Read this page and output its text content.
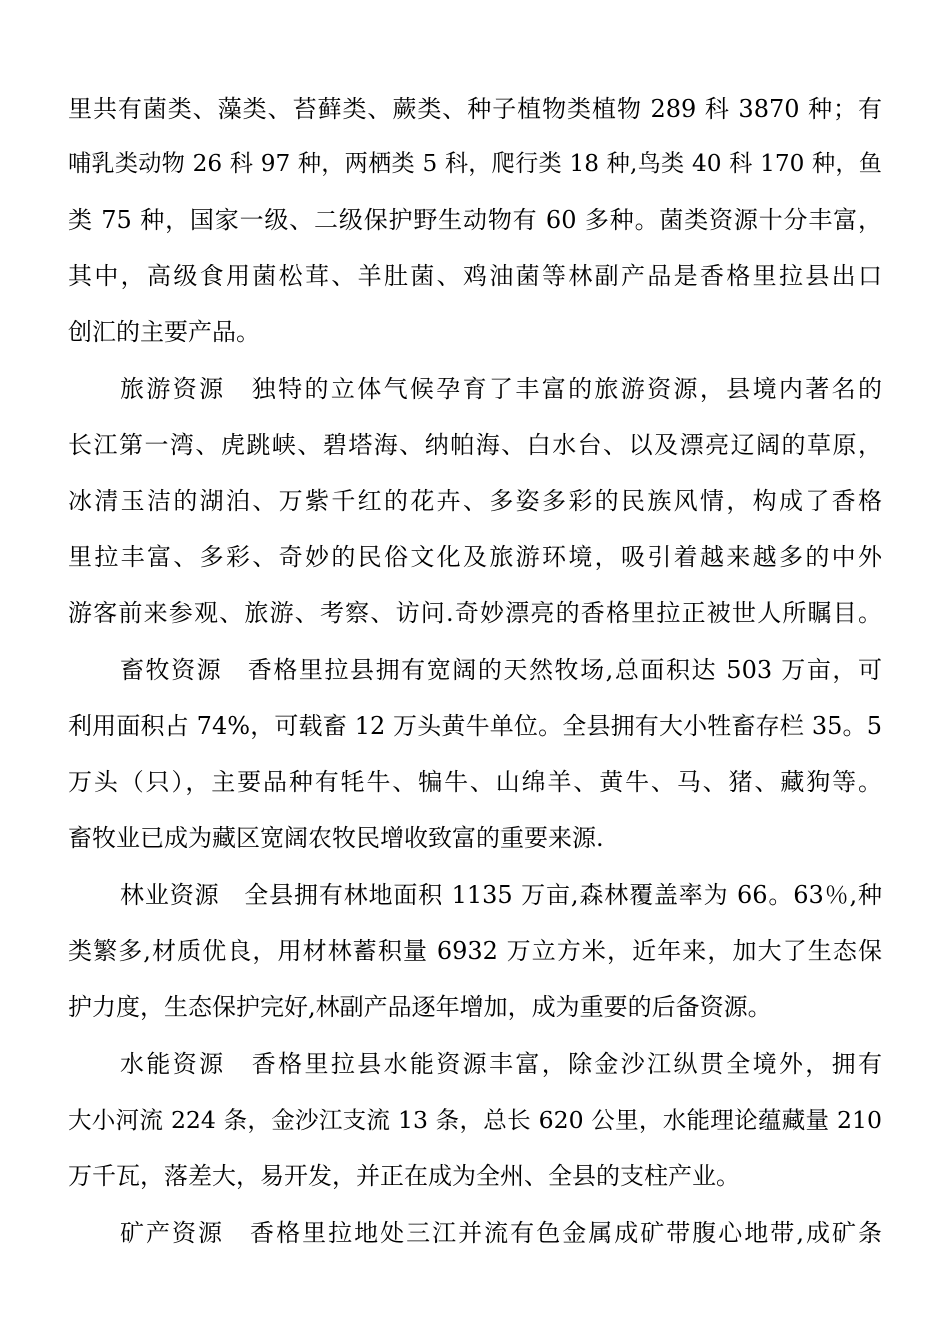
里共有菌类、藻类、苔藓类、蕨类、种子植物类植物 289 科 3870 种；有
哺乳类动物 26 科 97 种，两栖类 5 科，爬行类 18 种,鸟类 40 科 170 种，鱼
类 75 种，国家一级、二级保护野生动物有 60 多种。菌类资源十分丰富，
其中，高级食用菌松茸、羊肚菌、鸡油菌等林副产品是香格里拉县出口
创汇的主要产品。
旅游资源　独特的立体气候孕育了丰富的旅游资源，县境内著名的
长江第一湾、虎跳峡、碧塔海、纳帕海、白水台、以及漂亮辽阔的草原，
冰清玉洁的湖泊、万紫千红的花卉、多姿多彩的民族风情，构成了香格
里拉丰富、多彩、奇妙的民俗文化及旅游环境，吸引着越来越多的中外
游客前来参观、旅游、考察、访问.奇妙漂亮的香格里拉正被世人所瞩目。
畜牧资源　香格里拉县拥有宽阔的天然牧场,总面积达 503 万亩，可
利用面积占 74%，可载畜 12 万头黄牛单位。全县拥有大小牲畜存栏 35。5
万头（只），主要品种有牦牛、犏牛、山绵羊、黄牛、马、猪、藏狗等。
畜牧业已成为藏区宽阔农牧民增收致富的重要来源.
林业资源　全县拥有林地面积 1135 万亩,森林覆盖率为 66。63％,种
类繁多,材质优良，用材林蓄积量 6932 万立方米，近年来，加大了生态保
护力度，生态保护完好,林副产品逐年增加，成为重要的后备资源。
水能资源　香格里拉县水能资源丰富，除金沙江纵贯全境外，拥有
大小河流 224 条，金沙江支流 13 条，总长 620 公里，水能理论蕴藏量 210
万千瓦，落差大，易开发，并正在成为全州、全县的支柱产业。
矿产资源　香格里拉地处三江并流有色金属成矿带腹心地带,成矿条
